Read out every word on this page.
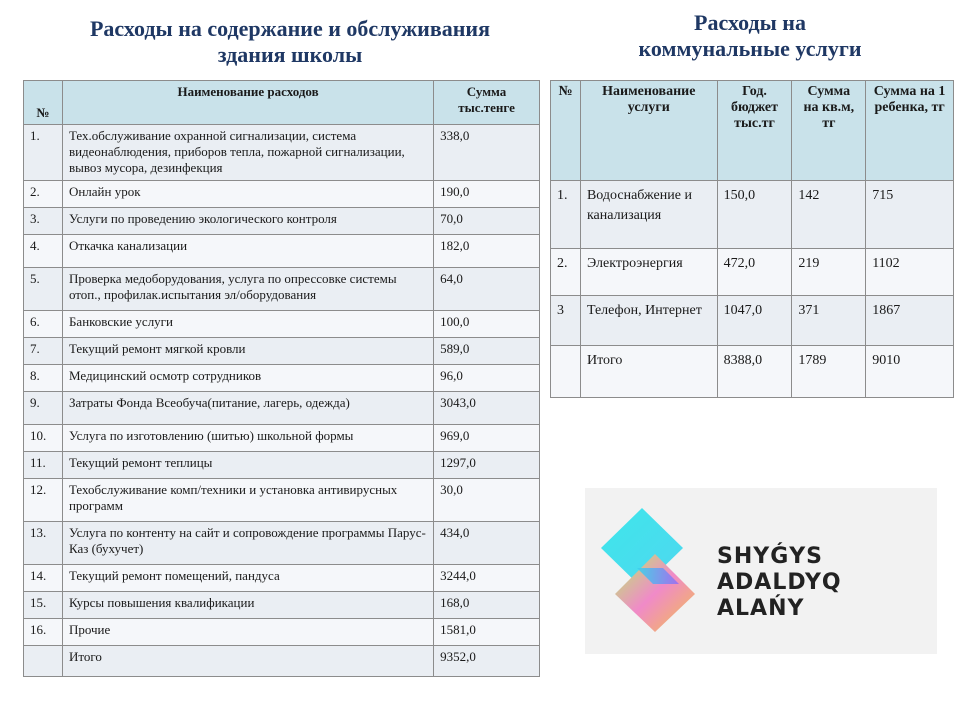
Расходы на содержание и обслуживания
здания школы
Расходы на
коммунальные услуги
№	Наименование расходов	Сумма тыс.тенге
1.	Тех.обслуживание охранной сигнализации, система видеонаблюдения, приборов тепла, пожарной сигнализации, вывоз мусора, дезинфекция	338,0
2.	Онлайн урок	190,0
3.	Услуги по проведению экологического контроля	70,0
4.	Откачка канализации	182,0
5.	Проверка медоборудования, услуга по опрессовке системы отоп., профилак.испытания эл/оборудования	64,0
6.	Банковские услуги	100,0
7.	Текущий ремонт мягкой кровли	589,0
8.	Медицинский осмотр сотрудников	96,0
9.	Затраты Фонда Всеобуча(питание, лагерь, одежда)	3043,0
10.	Услуга по изготовлению (шитью) школьной формы	969,0
11.	Текущий ремонт теплицы	1297,0
12.	Техобслуживание комп/техники и установка антивирусных программ	30,0
13.	Услуга по контенту на сайт и сопровождение программы Парус-Каз (бухучет)	434,0
14.	Текущий ремонт помещений, пандуса	3244,0
15.	Курсы повышения квалификации	168,0
16.	Прочие	1581,0
	Итого	9352,0
№	Наименование услуги	Год. бюджет тыс.тг	Сумма на кв.м, тг	Сумма на 1 ребенка, тг
1.	Водоснабжение и канализация	150,0	142	715
2.	Электроэнергия	472,0	219	1102
3	Телефон, Интернет	1047,0	371	1867
	Итого	8388,0	1789	9010
SHYǴYS
ADALDYQ ALAŃY
